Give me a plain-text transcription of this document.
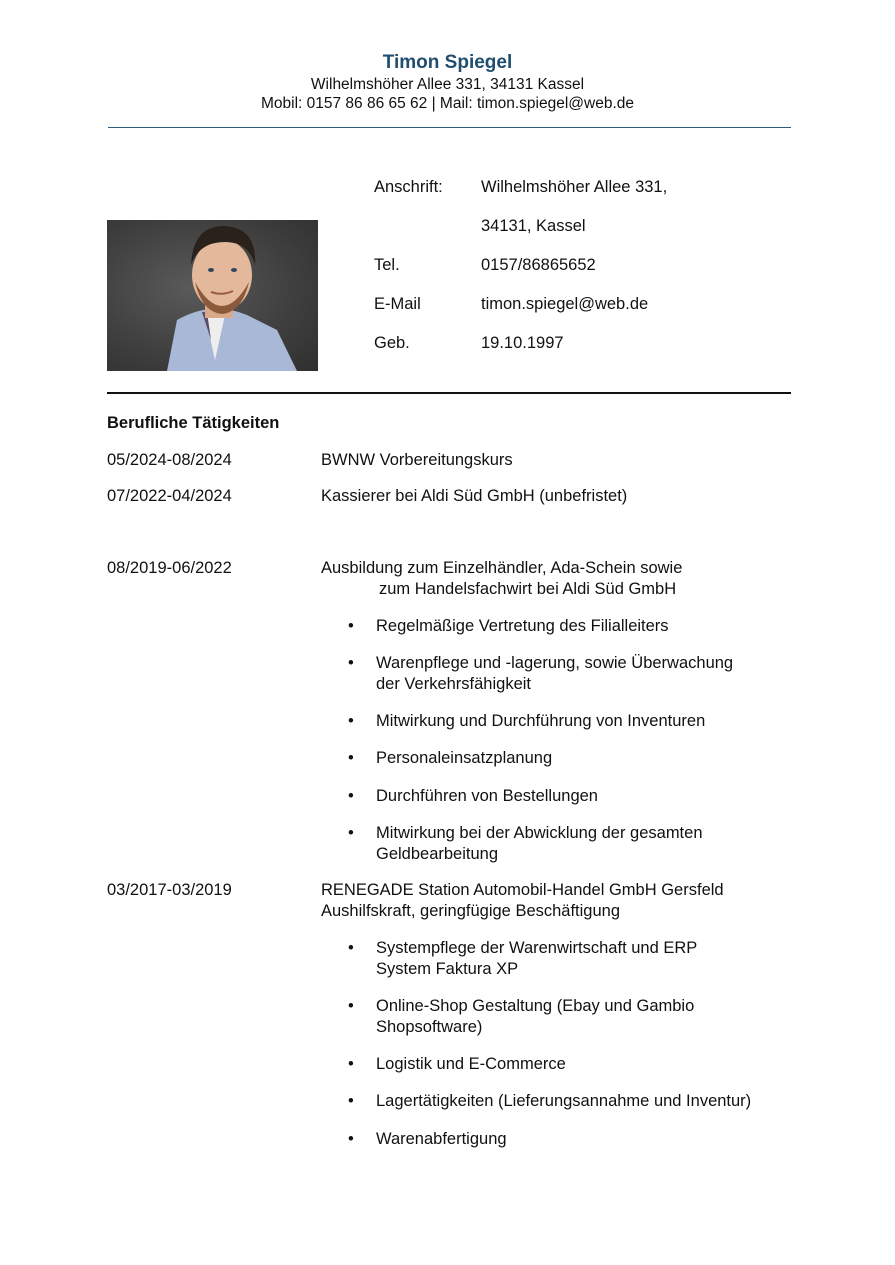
Timon Spiegel
Wilhelmshöher Allee 331, 34131 Kassel
Mobil: 0157 86 86 65 62 | Mail: timon.spiegel@web.de
Anschrift: Wilhelmshöher Allee 331,
34131, Kassel
Tel.	0157/86865652
E-Mail	timon.spiegel@web.de
Geb.	19.10.1997
Berufliche Tätigkeiten
05/2024-08/2024	BWNW Vorbereitungskurs
07/2022-04/2024	Kassierer bei Aldi Süd GmbH (unbefristet)
08/2019-06/2022	Ausbildung zum Einzelhändler, Ada-Schein sowie
zum Handelsfachwirt bei Aldi Süd GmbH
• Regelmäßige Vertretung des Filialleiters
• Warenpflege und -lagerung, sowie Überwachung
der Verkehrsfähigkeit
• Mitwirkung und Durchführung von Inventuren
• Personaleinsatzplanung
• Durchführen von Bestellungen
• Mitwirkung bei der Abwicklung der gesamten
Geldbearbeitung
03/2017-03/2019	RENEGADE Station Automobil-Handel GmbH Gersfeld
Aushilfskraft, geringfügige Beschäftigung
• Systempflege der Warenwirtschaft und ERP
System Faktura XP
• Online-Shop Gestaltung (Ebay und Gambio
Shopsoftware)
• Logistik und E-Commerce
• Lagertätigkeiten (Lieferungsannahme und Inventur)
• Warenabfertigung
